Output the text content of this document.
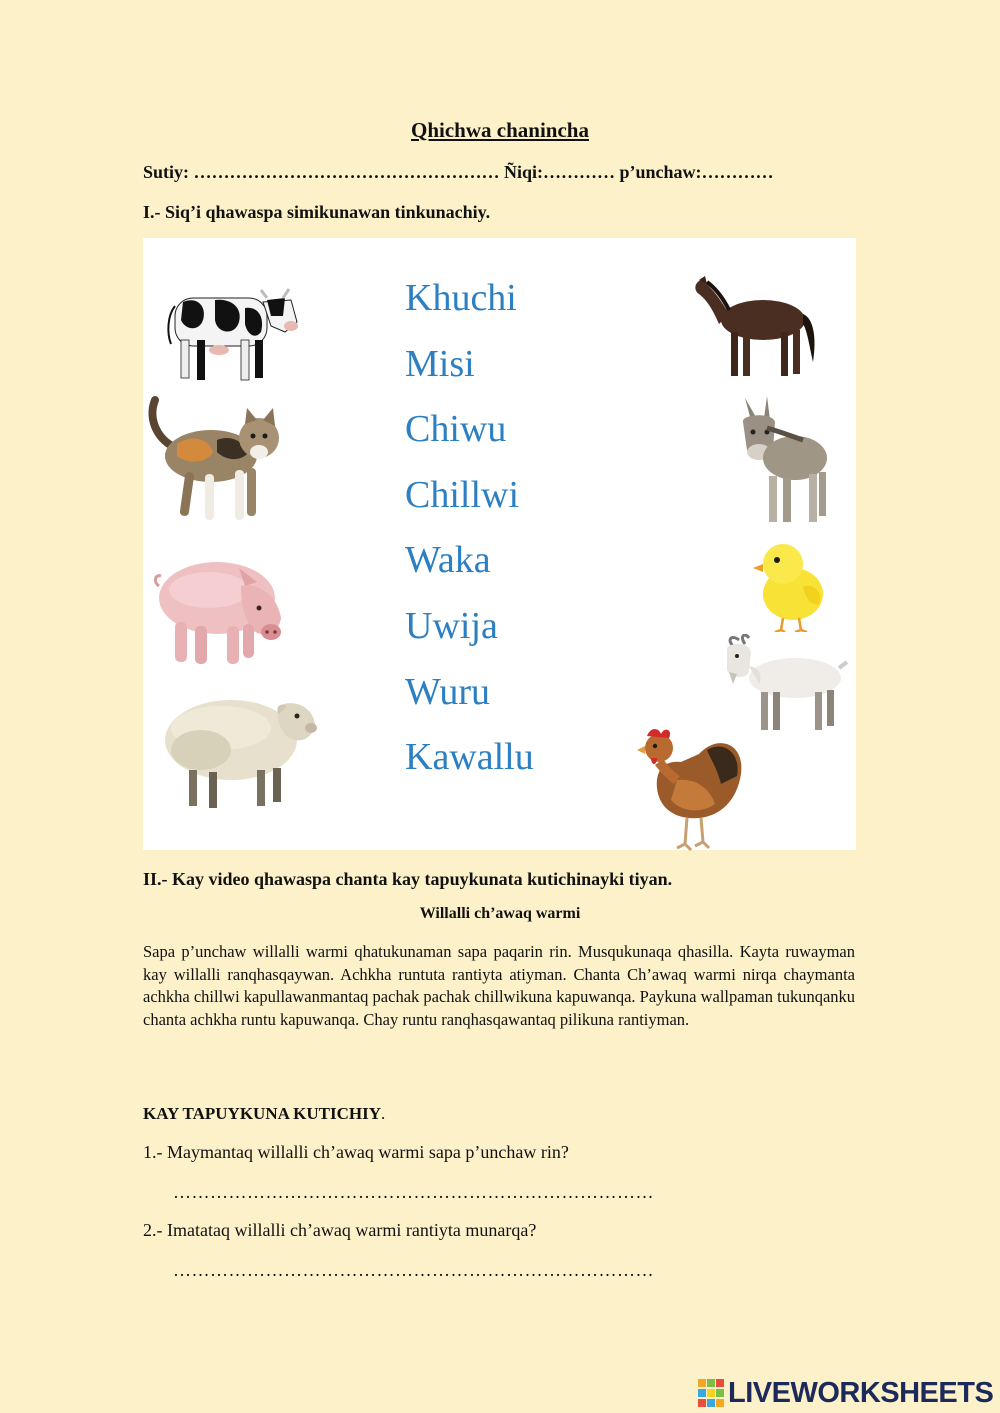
Qhichwa chanincha
Sutiy: …………………………………………… Ñiqi:………… p’unchaw:…………
I.- Siq’i qhawaspa simikunawan tinkunachiy.
Khuchi
Misi
Chiwu
Chillwi
Waka
Uwija
Wuru
Kawallu
II.- Kay video qhawaspa chanta kay tapuykunata kutichinayki tiyan.
Willalli ch’awaq warmi
Sapa p’unchaw willalli warmi qhatukunaman sapa paqarin rin. Musqukunaqa qhasilla. Kayta ruwayman kay willalli ranqhasqaywan. Achkha runtuta rantiyta atiyman. Chanta Ch’awaq warmi nirqa chaymanta achkha chillwi kapullawanmantaq pachak pachak chillwikuna kapuwanqa. Paykuna wallpaman tukunqanku chanta achkha runtu kapuwanqa. Chay runtu ranqhasqawantaq pilikuna rantiyman.
KAY TAPUYKUNA KUTICHIY.
1.- Maymantaq willalli ch’awaq warmi sapa p’unchaw rin?
……………………………………………………………………
2.- Imatataq willalli ch’awaq warmi rantiyta munarqa?
……………………………………………………………………
LIVEWORKSHEETS
